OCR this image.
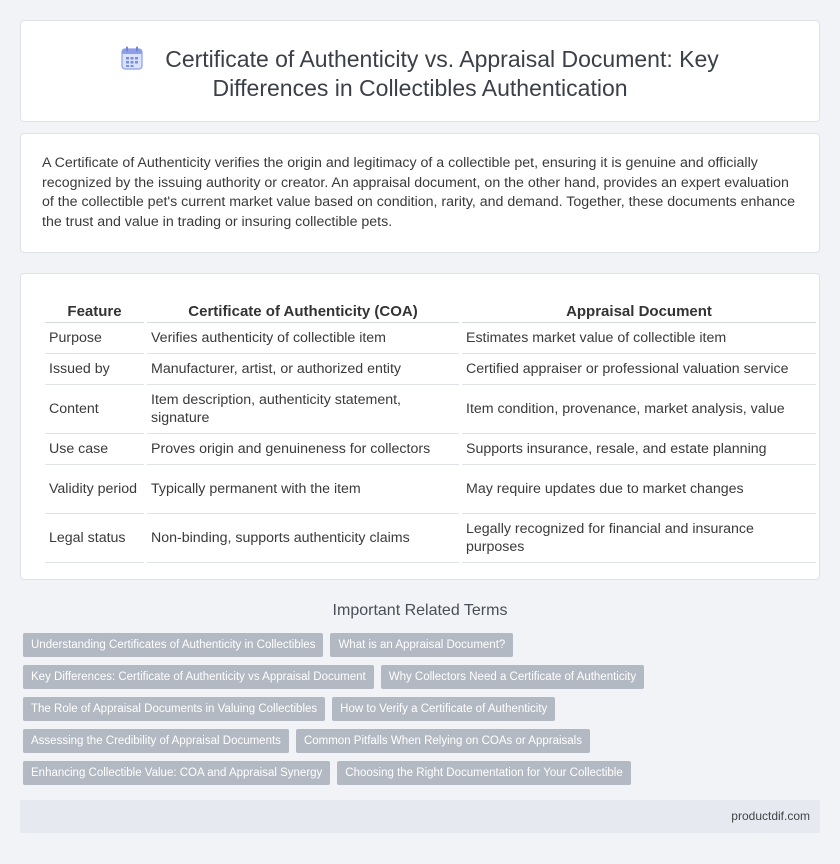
Certificate of Authenticity vs. Appraisal Document: Key
Differences in Collectibles Authentication

A Certificate of Authenticity verifies the origin and legitimacy of a collectible pet, ensuring it is genuine and officially recognized by the issuing authority or creator. An appraisal document, on the other hand, provides an expert evaluation of the collectible pet's current market value based on condition, rarity, and demand. Together, these documents enhance the trust and value in trading or insuring collectible pets.

Feature	Certificate of Authenticity (COA)	Appraisal Document
Purpose	Verifies authenticity of collectible item	Estimates market value of collectible item
Issued by	Manufacturer, artist, or authorized entity	Certified appraiser or professional valuation service
Content	Item description, authenticity statement, signature	Item condition, provenance, market analysis, value
Use case	Proves origin and genuineness for collectors	Supports insurance, resale, and estate planning
Validity period	Typically permanent with the item	May require updates due to market changes
Legal status	Non-binding, supports authenticity claims	Legally recognized for financial and insurance purposes
Important Related Terms
Understanding Certificates of Authenticity in Collectibles	What is an Appraisal Document?
Key Differences: Certificate of Authenticity vs Appraisal Document	Why Collectors Need a Certificate of Authenticity
The Role of Appraisal Documents in Valuing Collectibles	How to Verify a Certificate of Authenticity
Assessing the Credibility of Appraisal Documents	Common Pitfalls When Relying on COAs or Appraisals
Enhancing Collectible Value: COA and Appraisal Synergy	Choosing the Right Documentation for Your Collectible
productdif.com
